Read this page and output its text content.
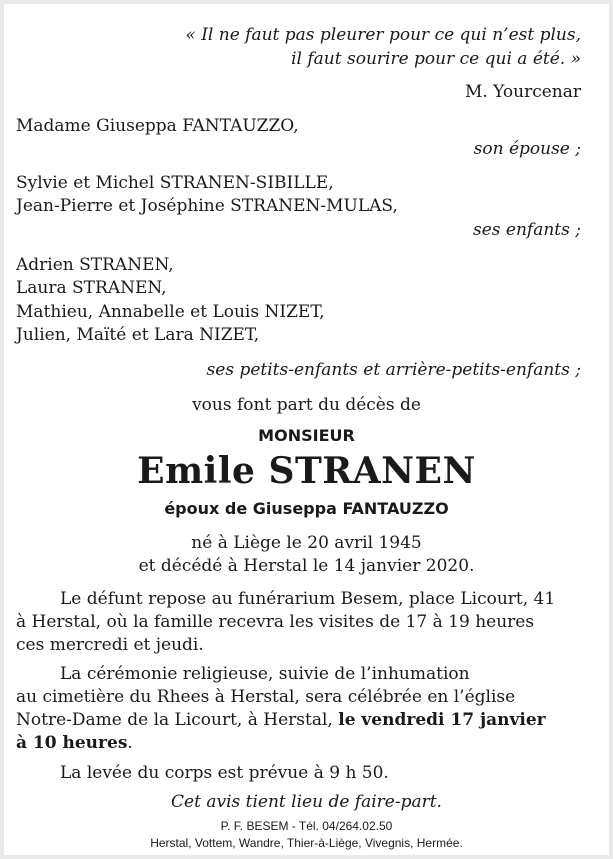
« Il ne faut pas pleurer pour ce qui n’est plus,
il faut sourire pour ce qui a été. »
M. Yourcenar
Madame Giuseppa FANTAUZZO,
son épouse ;
Sylvie et Michel STRANEN-SIBILLE,
Jean-Pierre et Joséphine STRANEN-MULAS,
ses enfants ;
Adrien STRANEN,
Laura STRANEN,
Mathieu, Annabelle et Louis NIZET,
Julien, Maïté et Lara NIZET,
ses petits-enfants et arrière-petits-enfants ;
vous font part du décès de
MONSIEUR
Emile STRANEN
époux de Giuseppa FANTAUZZO
né à Liège le 20 avril 1945
et décédé à Herstal le 14 janvier 2020.
Le défunt repose au funérarium Besem, place Licourt, 41
à Herstal, où la famille recevra les visites de 17 à 19 heures
ces mercredi et jeudi.
La cérémonie religieuse, suivie de l’inhumation
au cimetière du Rhees à Herstal, sera célébrée en l’église
Notre-Dame de la Licourt, à Herstal, le vendredi 17 janvier
à 10 heures.
La levée du corps est prévue à 9 h 50.
Cet avis tient lieu de faire-part.
P. F. BESEM - Tél. 04/264.02.50
Herstal, Vottem, Wandre, Thier-à-Liège, Vivegnis, Hermée.
